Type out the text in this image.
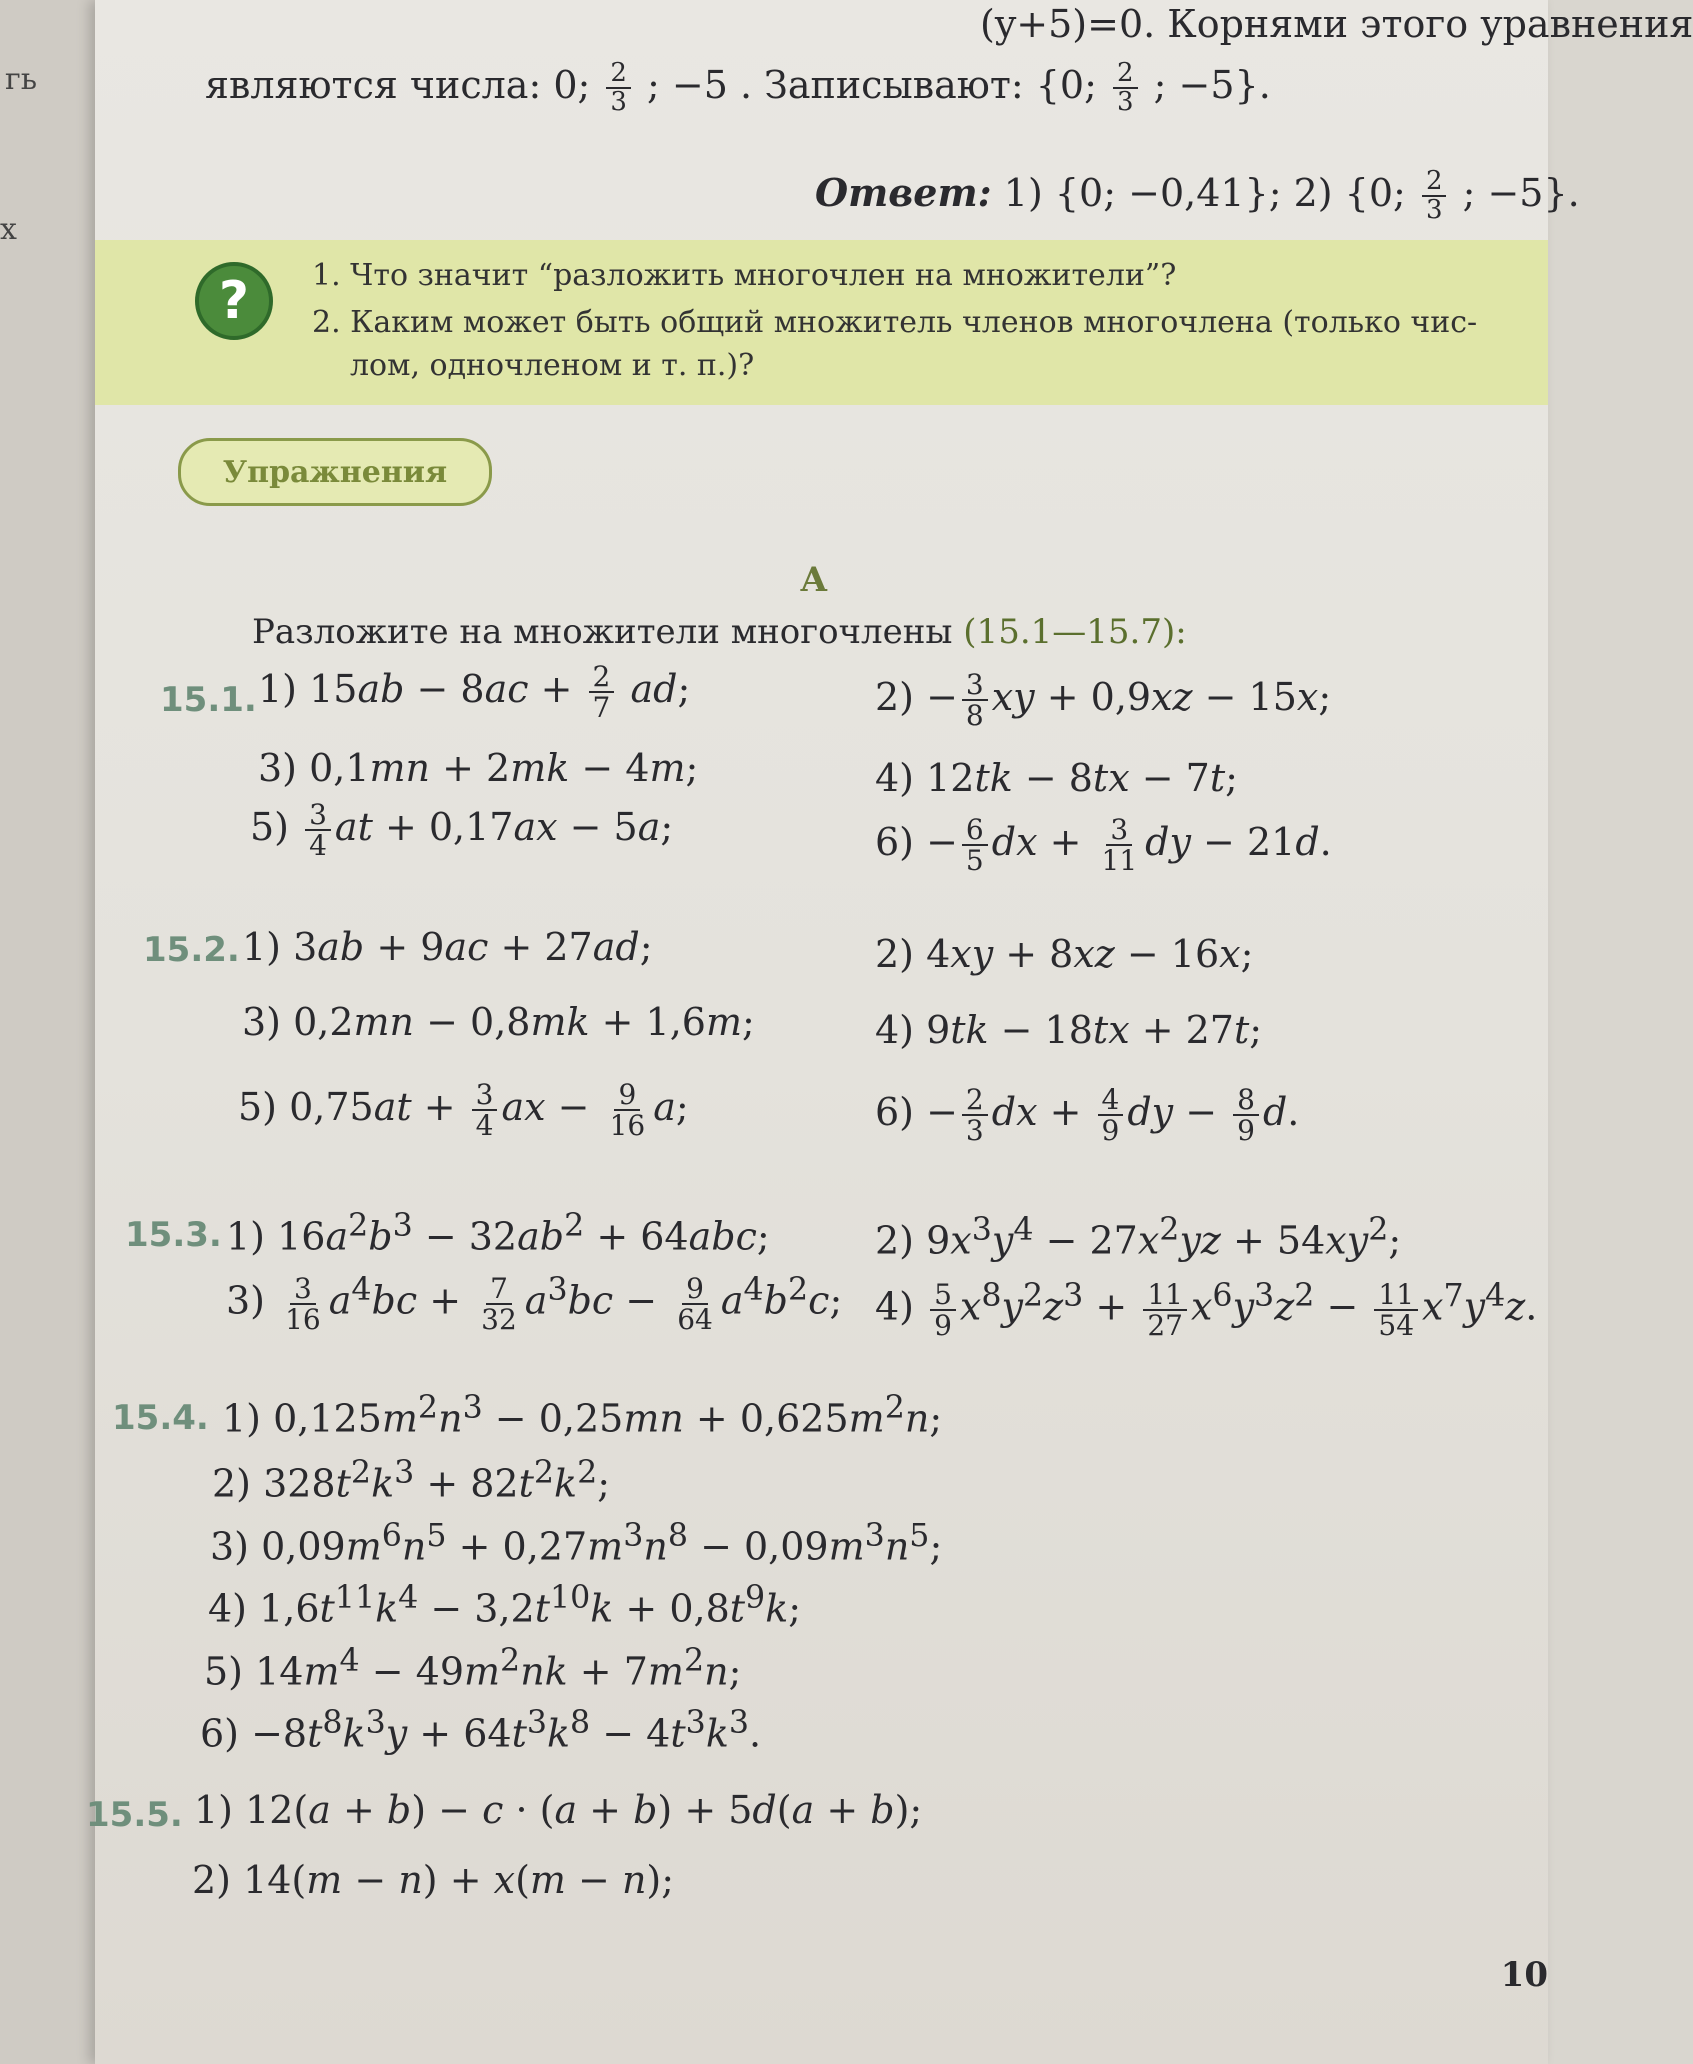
гь
х
(y+5)=0. Корнями этого уравнения
являются числа: 0; $\frac{2}{3}$ ; −5 . Записывают: {0; $\frac{2}{3}$ ; −5}.
Ответ: 1) {0; −0,41}; 2) {0; $\frac{2}{3}$ ; −5}.
?	1. Что значит “разложить многочлен на множители”?
2. Каким может быть общий множитель членов многочлена (только чис-
лом, одночленом и т. п.)?
Упражнения
А
Разложите на множители многочлены (15.1—15.7):
15.1. 1) $15ab - 8ac + \frac{2}{7}$ ad;	$2) - \frac{3}{8}$ xy + 0,9xz − 15x;
3) 0,1mn + 2mk − 4m;	4) 12tk − 8tx − 7t;
$5) \frac{3}{4}$ at + 0,17ax − 5a;	$6) - \frac{6}{5}$ dx + $\frac{3}{11}$ dy − 21d.
15.2. 1) 3ab + 9ac + 27ad;	2) 4xy + 8xz − 16x;
3) 0,2mn − 0,8mk + 1,6m;	4) 9tk − 18tx + 27t;
5) $0,75at + \frac{3}{4}$ ax − $\frac{9}{16} a$;	$6) - \frac{2}{3}$ dx + $\frac{4}{9}$ dy − $\frac{8}{9} d$.
15.3. 1) $16a^2b^3 - 32ab^2 + 64abc$;	2) $9x^3y^4 - 27x^2yz + 54xy^2$;
$3) \frac{3}{16} a^4bc + \frac{7}{32} a^3bc - \frac{9}{64} a^4b^2c$; $4) \frac{5}{9} x^8y^2z^3 + \frac{11}{27} x^6y^3z^2 - \frac{11}{54} x^7y^4z$.
15.4. 1) $0,125m^2n^3 - 0,25mn + 0,625m^2n$;
2) $328t^2k^3 + 82t^2k^2$;
3) $0,09m^6n^5 + 0,27m^3n^8 - 0,09m^3n^5$;
4) $1,6t^{11}k^4 - 3,2t^{10}k + 0,8t^9k$;
5) $14m^4 - 49m^2nk + 7m^2n$;
$6) -8t^8k^3y + 64t^3k^8 - 4t^3k^3$.
15.5. 1) 12(a + b) − c · (a + b) + 5d(a + b);
2) 14(m − n) + x(m − n);
10
